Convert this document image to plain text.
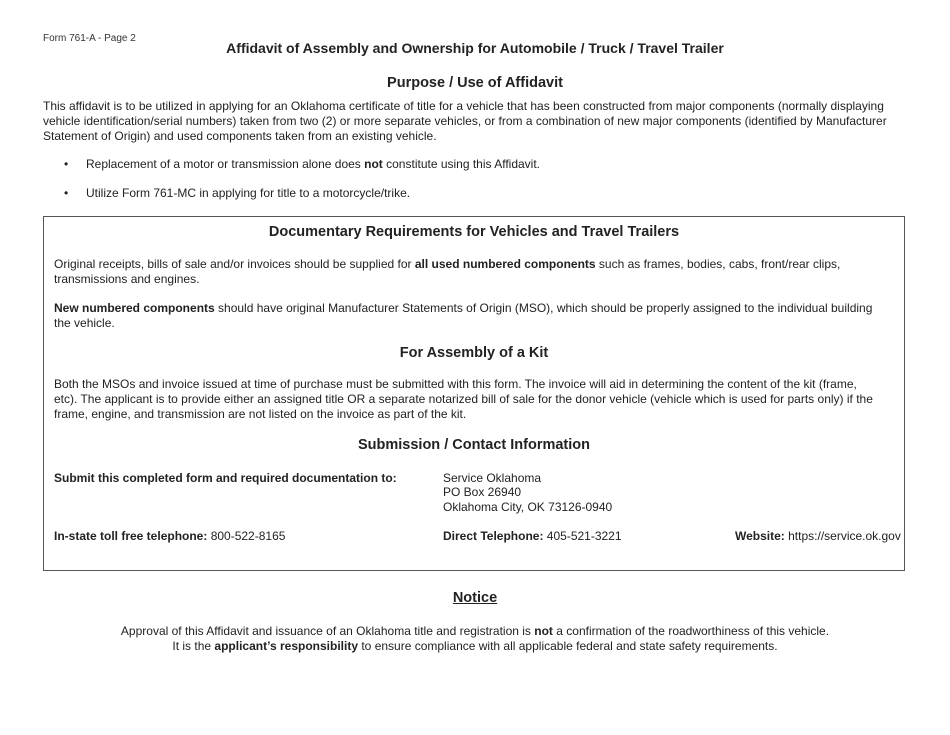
Form 761-A - Page 2
Affidavit of Assembly and Ownership for Automobile / Truck / Travel Trailer
Purpose / Use of Affidavit
This affidavit is to be utilized in applying for an Oklahoma certificate of title for a vehicle that has been constructed from major components (normally displaying vehicle identification/serial numbers) taken from two (2) or more separate vehicles, or from a combination of new major components (identified by Manufacturer Statement of Origin) and used components taken from an existing vehicle.
• Replacement of a motor or transmission alone does not constitute using this Affidavit.
• Utilize Form 761-MC in applying for title to a motorcycle/trike.
Documentary Requirements for Vehicles and Travel Trailers
Original receipts, bills of sale and/or invoices should be supplied for all used numbered components such as frames, bodies, cabs, front/rear clips, transmissions and engines.
New numbered components should have original Manufacturer Statements of Origin (MSO), which should be properly assigned to the individual building the vehicle.
For Assembly of a Kit
Both the MSOs and invoice issued at time of purchase must be submitted with this form. The invoice will aid in determining the content of the kit (frame, etc). The applicant is to provide either an assigned title OR a separate notarized bill of sale for the donor vehicle (vehicle which is used for parts only) if the frame, engine, and transmission are not listed on the invoice as part of the kit.
Submission / Contact Information
Submit this completed form and required documentation to:	Service Oklahoma
PO Box 26940
Oklahoma City, OK 73126-0940
In-state toll free telephone: 800-522-8165	Direct Telephone: 405-521-3221	Website: https://service.ok.gov
Notice
Approval of this Affidavit and issuance of an Oklahoma title and registration is not a confirmation of the roadworthiness of this vehicle.
It is the applicant’s responsibility to ensure compliance with all applicable federal and state safety requirements.
